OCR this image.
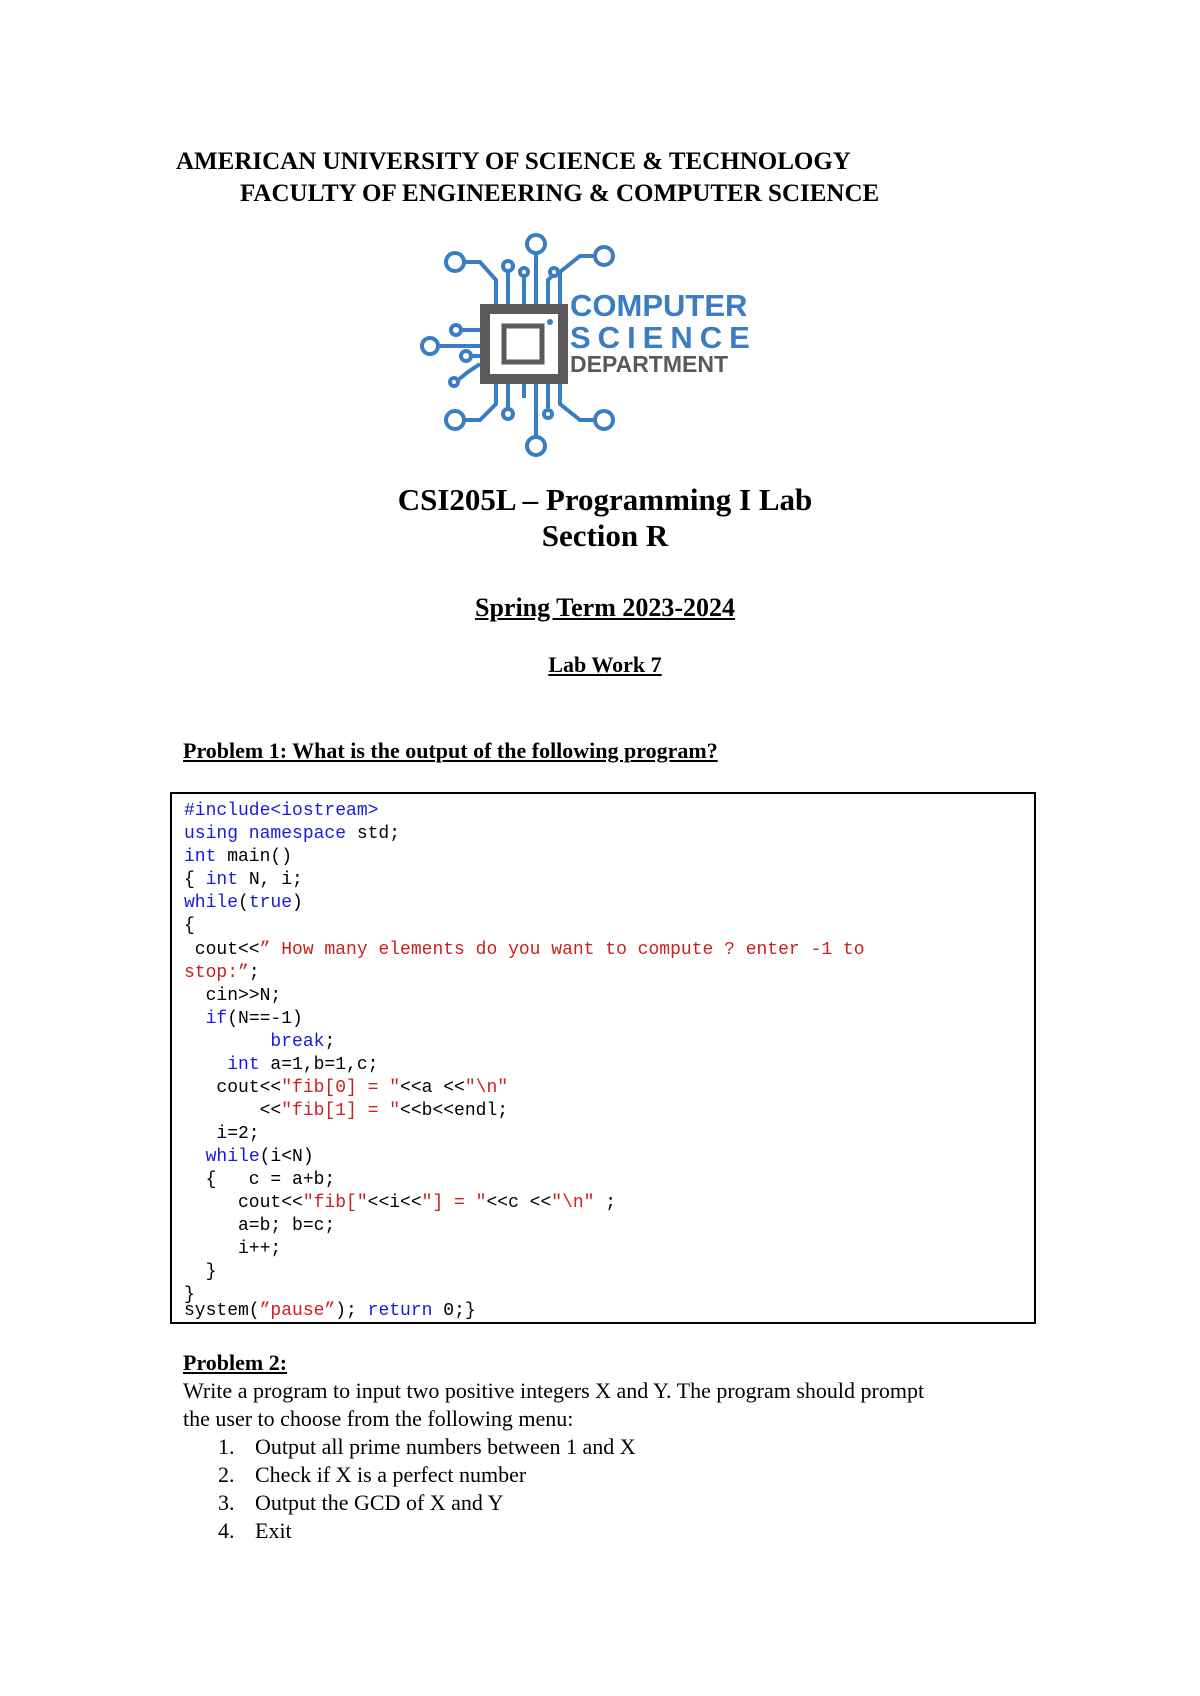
AMERICAN UNIVERSITY OF SCIENCE & TECHNOLOGY
FACULTY OF ENGINEERING & COMPUTER SCIENCE
COMPUTER
SCIENCE
DEPARTMENT
CSI205L – Programming I Lab
Section R
Spring Term 2023-2024
Lab Work 7
Problem 1: What is the output of the following program?
#include<iostream>
using namespace std;
int main()
{ int N, i;
while(true)
{
cout<<” How many elements do you want to compute ? enter -1 to
stop:”;
cin>>N;
if(N==-1)
break;
int a=1,b=1,c;
cout<<"fib[0] = "<<a <<"\n"
<<"fib[1] = "<<b<<endl;
i=2;
while(i<N)
{   c = a+b;
cout<<"fib["<<i<<"] = "<<c <<"\n" ;
a=b; b=c;
i++;
}
}
system(”pause”); return 0;}
Problem 2:
Write a program to input two positive integers X and Y. The program should prompt
the user to choose from the following menu:
1. Output all prime numbers between 1 and X
2. Check if X is a perfect number
3. Output the GCD of X and Y
4. Exit
